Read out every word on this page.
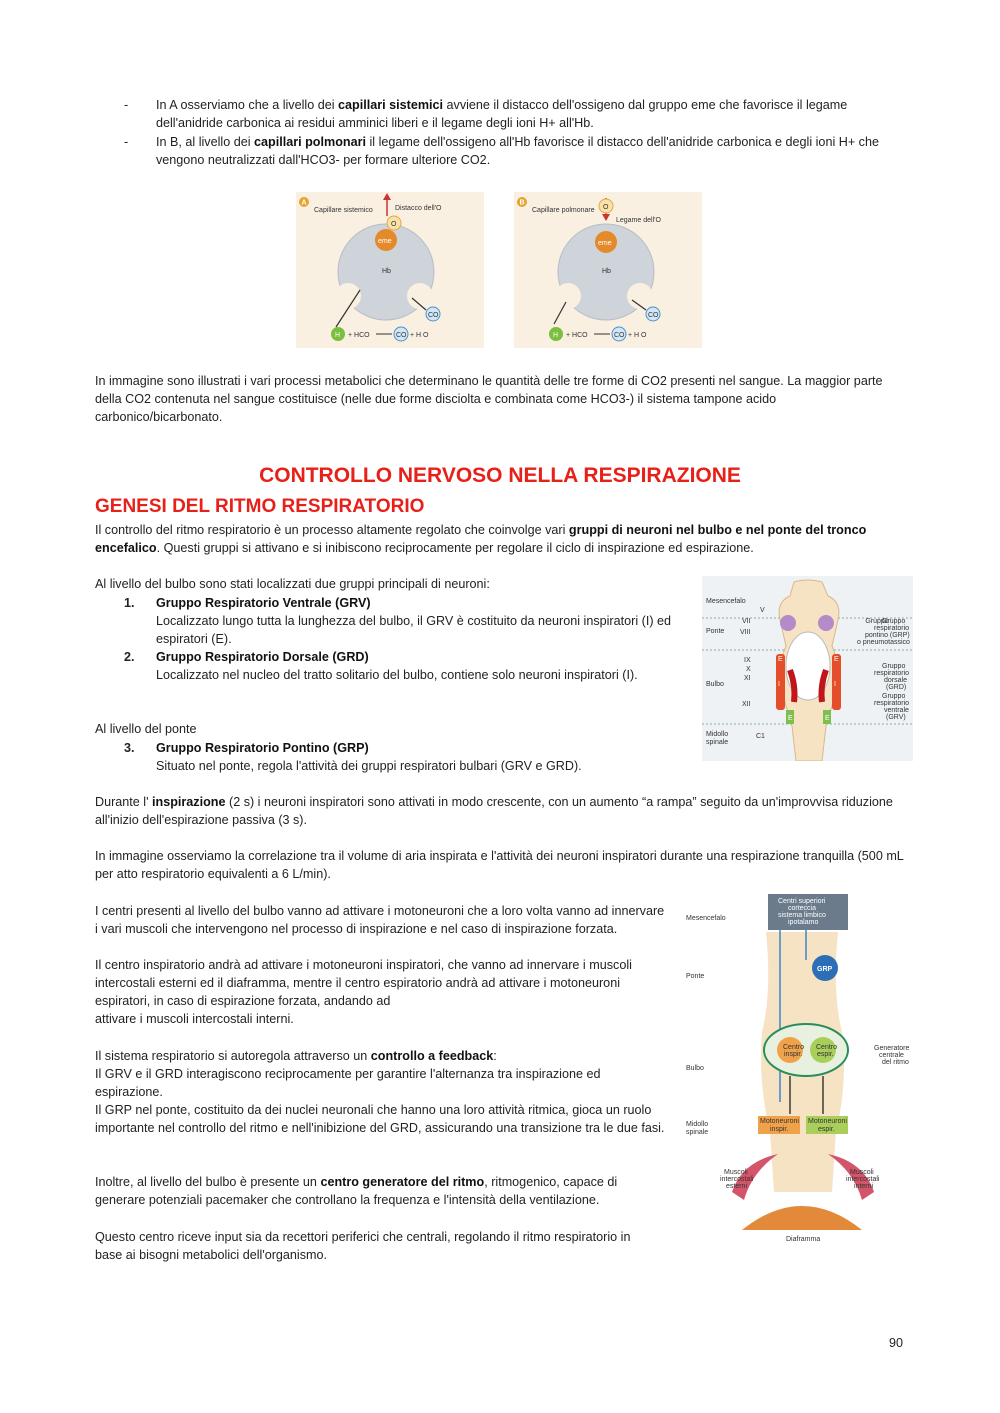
- In A osserviamo che a livello dei capillari sistemici avviene il distacco dell'ossigeno dal gruppo eme che favorisce il legame dell'anidride carbonica ai residui amminici liberi e il legame degli ioni H+ all'Hb.

- In B, al livello dei capillari polmonari il legame dell'ossigeno all'Hb favorisce il distacco dell'anidride carbonica e degli ioni H+ che vengono neutralizzati dall'HCO3- per formare ulteriore CO2.

A
Capillare sistemico	Distacco dell'O
eme
O
Hb
CO
H + HCO	CO + H O
B
Capillare polmonare
Legame dell'O
eme
O
Hb
CO
H + HCO	CO + H O

In immagine sono illustrati i vari processi metabolici che determinano le quantità delle tre forme di CO2 presenti nel sangue. La maggior parte della CO2 contenuta nel sangue costituisce (nelle due forme disciolta e combinata come HCO3-) il sistema tampone acido carbonico/bicarbonato.

CONTROLLO NERVOSO NELLA RESPIRAZIONE
GENESI DEL RITMO RESPIRATORIO

Il controllo del ritmo respiratorio è un processo altamente regolato che coinvolge vari gruppi di neuroni nel bulbo e nel ponte del tronco encefalico. Questi gruppi si attivano e si inibiscono reciprocamente per regolare il ciclo di inspirazione ed espirazione.

Al livello del bulbo sono stati localizzati due gruppi principali di neuroni:

1. Gruppo Respiratorio Ventrale (GRV)
Localizzato lungo tutta la lunghezza del bulbo, il GRV è costituito da neuroni inspiratori (I) ed espiratori (E).
2. Gruppo Respiratorio Dorsale (GRD)
Localizzato nel nucleo del tratto solitario del bulbo, contiene solo neuroni inspiratori (I).

Al livello del ponte

3. Gruppo Respiratorio Pontino (GRP)
Situato nel ponte, regola l'attività dei gruppi respiratori bulbari (GRV e GRD).
E
I
E
I
E	E
Mesencefalo
Ponte
Bulbo
Midollo
spinale
V
VII
VIII
IX
X
XI
XII
C1
Gruppo
Gruppo
respiratorio
pontino (GRP)
o pneumotassico
Gruppo
respiratorio
dorsale
(GRD)
Gruppo
respiratorio
ventrale
(GRV)

Durante l' inspirazione (2 s) i neuroni inspiratori sono attivati in modo crescente, con un aumento “a rampa” seguito da un'improvvisa riduzione all'inizio dell'espirazione passiva (3 s).

In immagine osserviamo la correlazione tra il volume di aria inspirata e l'attività dei neuroni inspiratori durante una respirazione tranquilla (500 mL per atto respiratorio equivalenti a 6 L/min).

I centri presenti al livello del bulbo vanno ad attivare i motoneuroni che a loro volta vanno ad innervare i vari muscoli che intervengono nel processo di inspirazione e nel caso di inspirazione forzata.

Il centro inspiratorio andrà ad attivare i motoneuroni inspiratori, che vanno ad innervare i muscoli intercostali esterni ed il diaframma, mentre il centro espiratorio andrà ad attivare i motoneuroni espiratori, in caso di espirazione forzata, andando ad

attivare i muscoli intercostali interni.

Il sistema respiratorio si autoregola attraverso un controllo a feedback:

Il GRV e il GRD interagiscono reciprocamente per garantire l'alternanza tra inspirazione ed espirazione.

Il GRP nel ponte, costituito da dei nuclei neuronali che hanno una loro attività ritmica, gioca un ruolo importante nel controllo del ritmo e nell'inibizione del GRD, assicurando una transizione tra le due fasi.

Inoltre, al livello del bulbo è presente un centro generatore del ritmo, ritmogenico, capace di generare potenziali pacemaker che controllano la frequenza e l'intensità della ventilazione.

Questo centro riceve input sia da recettori periferici che centrali, regolando il ritmo respiratorio in base ai bisogni metabolici dell'organismo.

Centri superiori
corteccia
sistema limbico
ipotalamo
Mesencefalo
Ponte
Bulbo
Midollo
spinale
GRP
Centro
inspir.
Centro
espir.
Generatore
centrale
del ritmo
Motoneuroni
inspir.
Motoneuroni
espir.
Muscoli
intercostali
esterni
Muscoli
intercostali
interni
Diaframma
90
